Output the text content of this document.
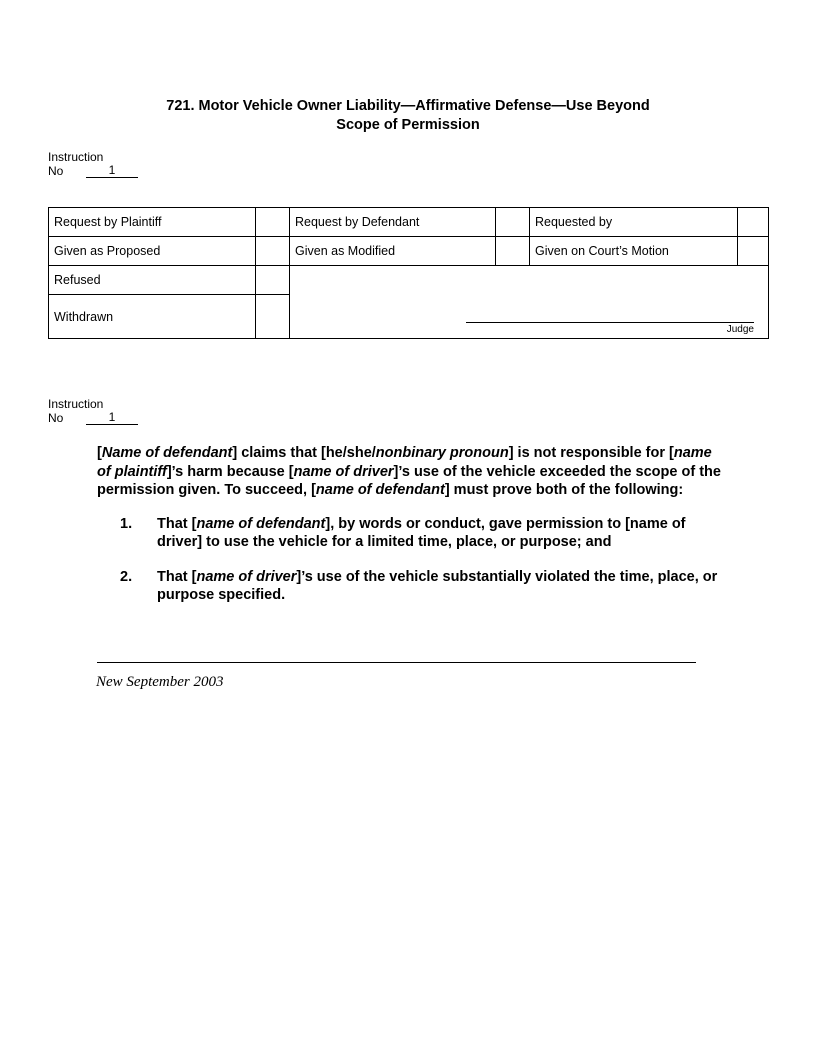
721. Motor Vehicle Owner Liability—Affirmative Defense—Use Beyond
Scope of Permission
Instruction
No	1
Request by Plaintiff	Request by Defendant	Requested by
Given as Proposed	Given as Modified	Given on Court’s Motion
Refused
Withdrawn
Judge
Instruction
No	1

[Name of defendant] claims that [he/she/nonbinary pronoun] is not responsible for [name of plaintiff]’s harm because [name of driver]’s use of the vehicle exceeded the scope of the permission given. To succeed, [name of defendant] must prove both of the following:

1.	That [name of defendant], by words or conduct, gave permission to [name of driver] to use the vehicle for a limited time, place, or purpose; and
2.	That [name of driver]’s use of the vehicle substantially violated the time, place, or purpose specified.
New September 2003
